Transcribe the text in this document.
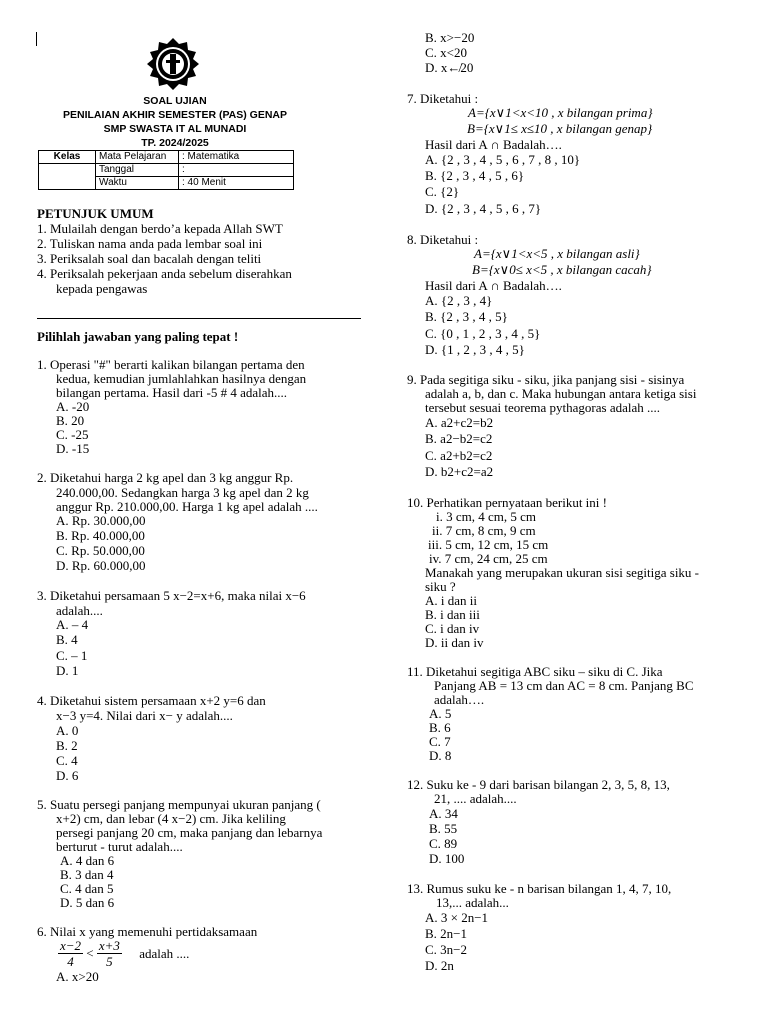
SOAL UJIAN
PENILAIAN AKHIR SEMESTER (PAS) GENAP
SMP SWASTA IT AL MUNADI
TP. 2024/2025
Kelas	Mata Pelajaran	: Matematika
	Tanggal	:
	Waktu	: 40 Menit
PETUNJUK UMUM
1. Mulailah dengan berdo’a kepada Allah SWT
2. Tuliskan nama anda pada lembar soal ini
3. Periksalah soal dan bacalah dengan teliti
4. Periksalah pekerjaan anda sebelum diserahkan
kepada pengawas
Pilihlah jawaban yang paling tepat !
1. Operasi "#" berarti kalikan bilangan pertama den
kedua, kemudian jumlahlahkan hasilnya dengan
bilangan pertama. Hasil dari -5 # 4 adalah....
A. -20
B. 20
C. -25
D. -15
2. Diketahui harga 2 kg apel dan 3 kg anggur Rp.
240.000,00. Sedangkan harga 3 kg apel dan 2 kg
anggur Rp. 210.000,00. Harga 1 kg apel adalah ....
A. Rp. 30.000,00
B. Rp. 40.000,00
C. Rp. 50.000,00
D. Rp. 60.000,00
3. Diketahui persamaan 5 x−2=x+6, maka nilai x−6
adalah....
A. – 4
B. 4
C. – 1
D. 1
4. Diketahui sistem persamaan x+2 y=6 dan
x−3 y=4. Nilai dari x− y adalah....
A. 0
B. 2
C. 4
D. 6
5. Suatu persegi panjang mempunyai ukuran panjang (
x+2) cm, dan lebar (4 x−2) cm. Jika keliling
persegi panjang 20 cm, maka panjang dan lebarnya
berturut - turut adalah....
A. 4 dan 6
B. 3 dan 4
C. 4 dan 5
D. 5 dan 6
6. Nilai x yang memenuhi pertidaksamaan
$\frac{x-2}{4} < \frac{x+3}{5}$ adalah ....
A. x>20
B. x>−20
C. x<20
D. x↚20
7. Diketahui :
A={x∨1<x<10 , x bilangan prima}
B={x∨1≤ x≤10 , x bilangan genap}
Hasil dari A ∩ Badalah….
A. {2 , 3 , 4 , 5 , 6 , 7 , 8 , 10}
B. {2 , 3 , 4 , 5 , 6}
C. {2}
D. {2 , 3 , 4 , 5 , 6 , 7}
8. Diketahui :
A={x∨1<x<5 , x bilangan asli}
B={x∨0≤ x<5 , x bilangan cacah}
Hasil dari A ∩ Badalah….
A. {2 , 3 , 4}
B. {2 , 3 , 4 , 5}
C. {0 , 1 , 2 , 3 , 4 , 5}
D. {1 , 2 , 3 , 4 , 5}
9. Pada segitiga siku - siku, jika panjang sisi - sisinya
adalah a, b, dan c. Maka hubungan antara ketiga sisi
tersebut sesuai teorema pythagoras adalah ....
A. a2+c2=b2
B. a2−b2=c2
C. a2+b2=c2
D. b2+c2=a2
10. Perhatikan pernyataan berikut ini !
i. 3 cm, 4 cm, 5 cm
ii. 7 cm, 8 cm, 9 cm
iii. 5 cm, 12 cm, 15 cm
iv. 7 cm, 24 cm, 25 cm
Manakah yang merupakan ukuran sisi segitiga siku -
siku ?
A. i dan ii
B. i dan iii
C. i dan iv
D. ii dan iv
11. Diketahui segitiga ABC siku – siku di C. Jika
Panjang AB = 13 cm dan AC = 8 cm. Panjang BC
adalah….
A. 5
B. 6
C. 7
D. 8
12. Suku ke - 9 dari barisan bilangan 2, 3, 5, 8, 13,
21, .... adalah....
A. 34
B. 55
C. 89
D. 100
13. Rumus suku ke - n barisan bilangan 1, 4, 7, 10,
13,... adalah...
A. 3 × 2n−1
B. 2n−1
C. 3n−2
D. 2n
